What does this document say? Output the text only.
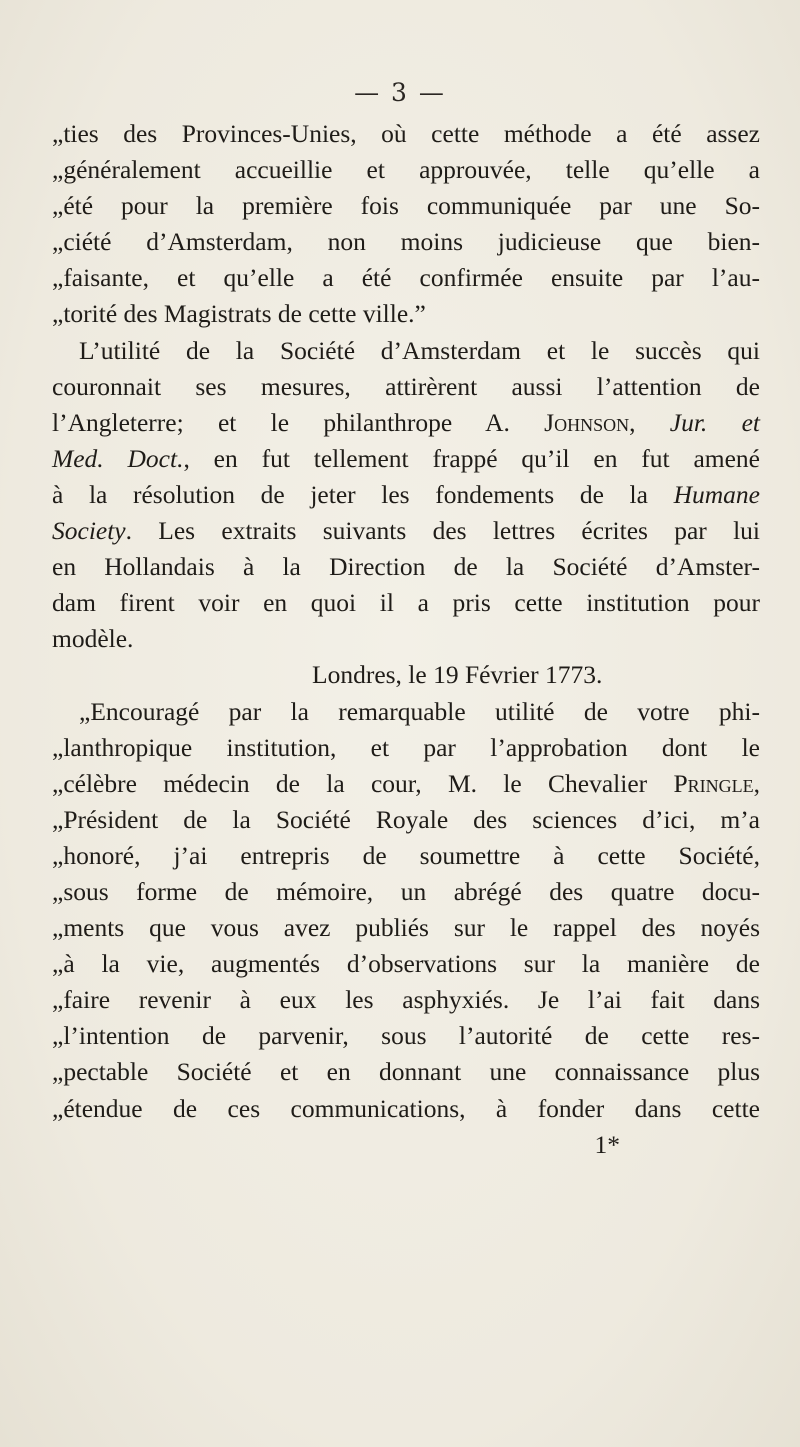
— 3 —
„ties des Provinces-Unies, où cette méthode a été assez
„généralement accueillie et approuvée, telle qu’elle a
„été pour la première fois communiquée par une So-
„ciété d’Amsterdam, non moins judicieuse que bien-
„faisante, et qu’elle a été confirmée ensuite par l’au-
„torité des Magistrats de cette ville.”
L’utilité de la Société d’Amsterdam et le succès qui
couronnait ses mesures, attirèrent aussi l’attention de
l’Angleterre; et le philanthrope A. Johnson, Jur. et
Med. Doct., en fut tellement frappé qu’il en fut amené
à la résolution de jeter les fondements de la Humane
Society. Les extraits suivants des lettres écrites par lui
en Hollandais à la Direction de la Société d’Amster-
dam firent voir en quoi il a pris cette institution pour
modèle.
Londres, le 19 Février 1773.
„Encouragé par la remarquable utilité de votre phi-
„lanthropique institution, et par l’approbation dont le
„célèbre médecin de la cour, M. le Chevalier Pringle,
„Président de la Société Royale des sciences d’ici, m’a
„honoré, j’ai entrepris de soumettre à cette Société,
„sous forme de mémoire, un abrégé des quatre docu-
„ments que vous avez publiés sur le rappel des noyés
„à la vie, augmentés d’observations sur la manière de
„faire revenir à eux les asphyxiés. Je l’ai fait dans
„l’intention de parvenir, sous l’autorité de cette res-
„pectable Société et en donnant une connaissance plus
„étendue de ces communications, à fonder dans cette
1*
